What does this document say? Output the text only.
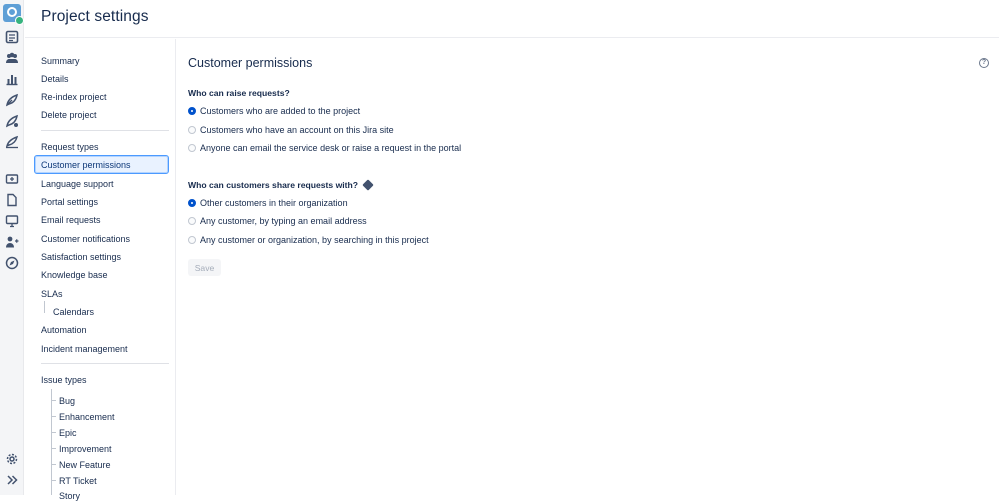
Project settings
Summary
Details
Re-index project
Delete project
Request types
Customer permissions
Language support
Portal settings
Email requests
Customer notifications
Satisfaction settings
Knowledge base
SLAs
Calendars
Automation
Incident management
Issue types
Bug
Enhancement
Epic
Improvement
New Feature
RT Ticket
Story
Customer permissions	?
Who can raise requests?
Customers who are added to the project
Customers who have an account on this Jira site
Anyone can email the service desk or raise a request in the portal
Who can customers share requests with?
Other customers in their organization
Any customer, by typing an email address
Any customer or organization, by searching in this project
Save
